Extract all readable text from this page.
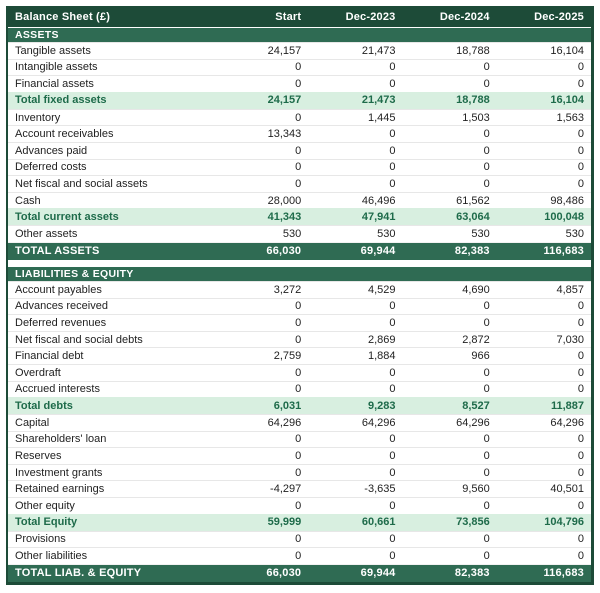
Balance Sheet (£)	Start	Dec-2023	Dec-2024	Dec-2025
ASSETS
Tangible assets	24,157	21,473	18,788	16,104
Intangible assets	0	0	0	0
Financial assets	0	0	0	0
Total fixed assets	24,157	21,473	18,788	16,104
Inventory	0	1,445	1,503	1,563
Account receivables	13,343	0	0	0
Advances paid	0	0	0	0
Deferred costs	0	0	0	0
Net fiscal and social assets	0	0	0	0
Cash	28,000	46,496	61,562	98,486
Total current assets	41,343	47,941	63,064	100,048
Other assets	530	530	530	530
TOTAL ASSETS	66,030	69,944	82,383	116,683
LIABILITIES & EQUITY
Account payables	3,272	4,529	4,690	4,857
Advances received	0	0	0	0
Deferred revenues	0	0	0	0
Net fiscal and social debts	0	2,869	2,872	7,030
Financial debt	2,759	1,884	966	0
Overdraft	0	0	0	0
Accrued interests	0	0	0	0
Total debts	6,031	9,283	8,527	11,887
Capital	64,296	64,296	64,296	64,296
Shareholders' loan	0	0	0	0
Reserves	0	0	0	0
Investment grants	0	0	0	0
Retained earnings	-4,297	-3,635	9,560	40,501
Other equity	0	0	0	0
Total Equity	59,999	60,661	73,856	104,796
Provisions	0	0	0	0
Other liabilities	0	0	0	0
TOTAL LIAB. & EQUITY	66,030	69,944	82,383	116,683
